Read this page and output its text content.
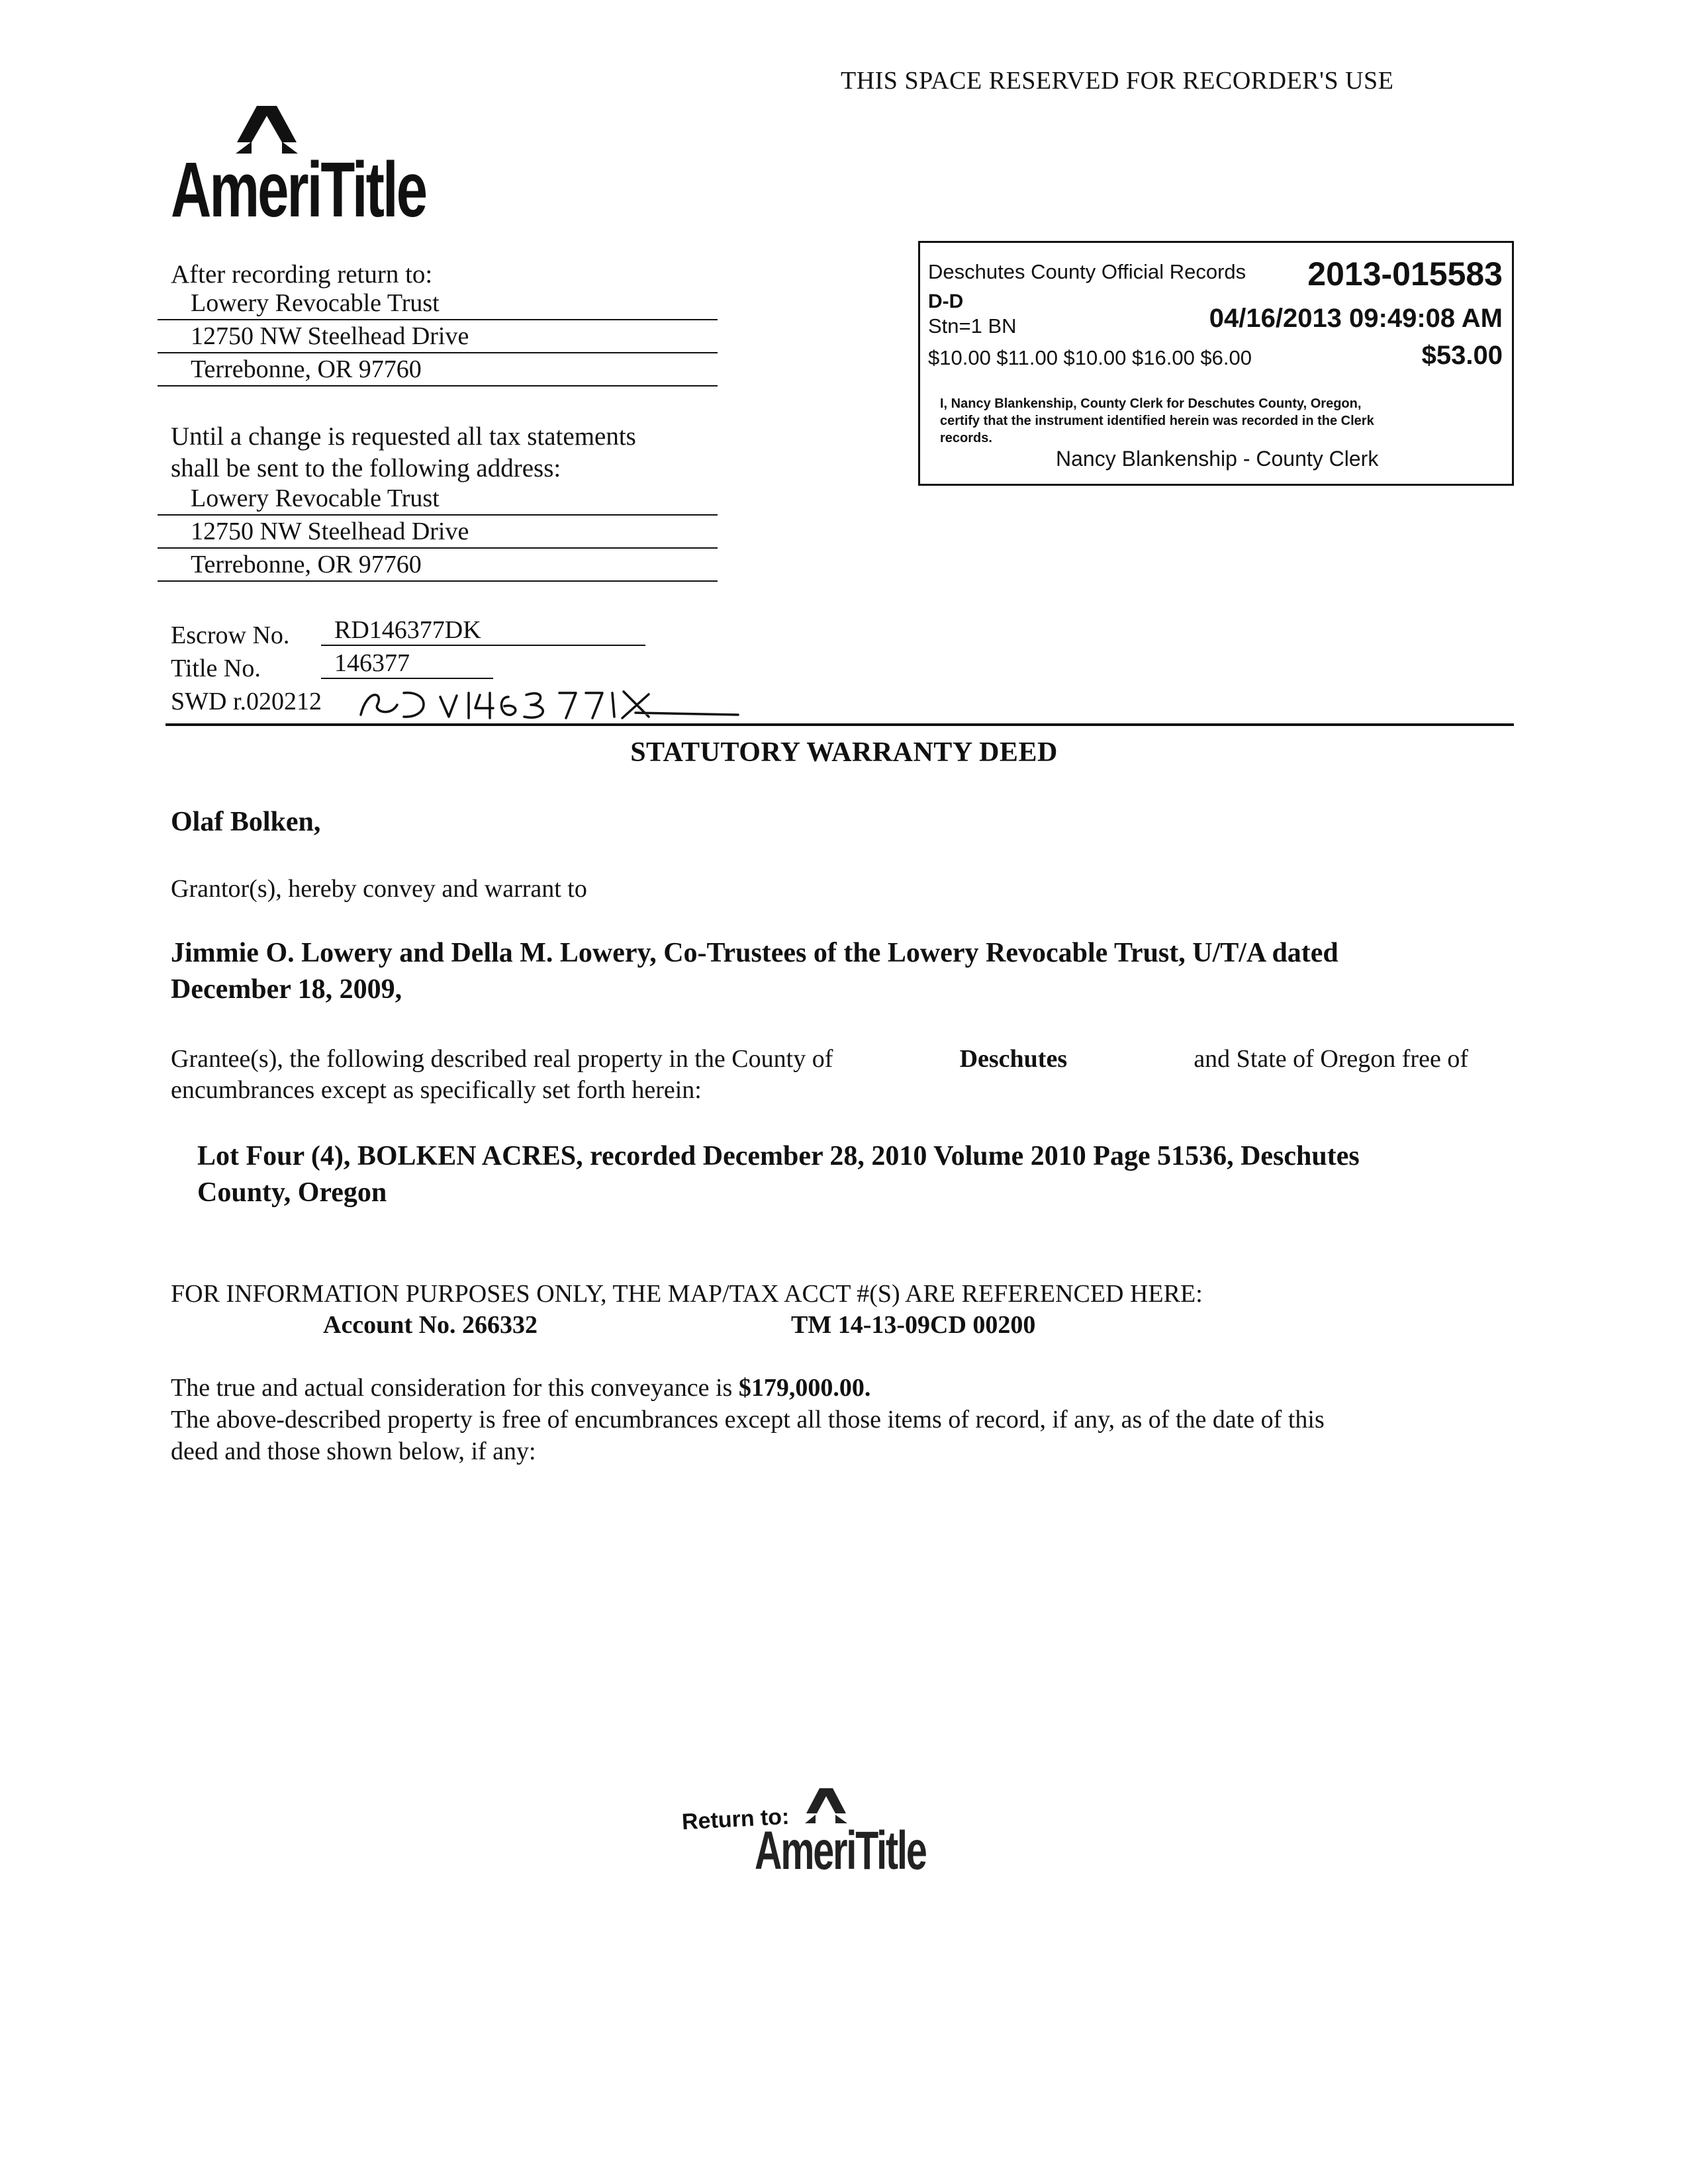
THIS SPACE RESERVED FOR RECORDER'S USE
AmeriTitle
After recording return to:
Lowery Revocable Trust
12750 NW Steelhead Drive
Terrebonne, OR 97760
Until a change is requested all tax statements
shall be sent to the following address:
Lowery Revocable Trust
12750 NW Steelhead Drive
Terrebonne, OR 97760
Deschutes County Official Records 2013-015583
D-D
Stn=1 BN	04/16/2013 09:49:08 AM
$10.00 $11.00 $10.00 $16.00 $6.00	$53.00
I, Nancy Blankenship, County Clerk for Deschutes County, Oregon,
certify that the instrument identified herein was recorded in the Clerk
records.
Nancy Blankenship - County Clerk
Escrow No.	RD146377DK
Title No.	146377
SWD r.020212
STATUTORY WARRANTY DEED
Olaf Bolken,
Grantor(s), hereby convey and warrant to
Jimmie O. Lowery and Della M. Lowery, Co-Trustees of the Lowery Revocable Trust, U/T/A dated
December 18, 2009,
Grantee(s), the following described real property in the County of	Deschutes	and State of Oregon free of
encumbrances except as specifically set forth herein:
Lot Four (4), BOLKEN ACRES, recorded December 28, 2010 Volume 2010 Page 51536, Deschutes
County, Oregon
FOR INFORMATION PURPOSES ONLY, THE MAP/TAX ACCT #(S) ARE REFERENCED HERE:
Account No. 266332	TM 14-13-09CD 00200
The true and actual consideration for this conveyance is $179,000.00.
The above-described property is free of encumbrances except all those items of record, if any, as of the date of this
deed and those shown below, if any:
Return to:
AmeriTitle
